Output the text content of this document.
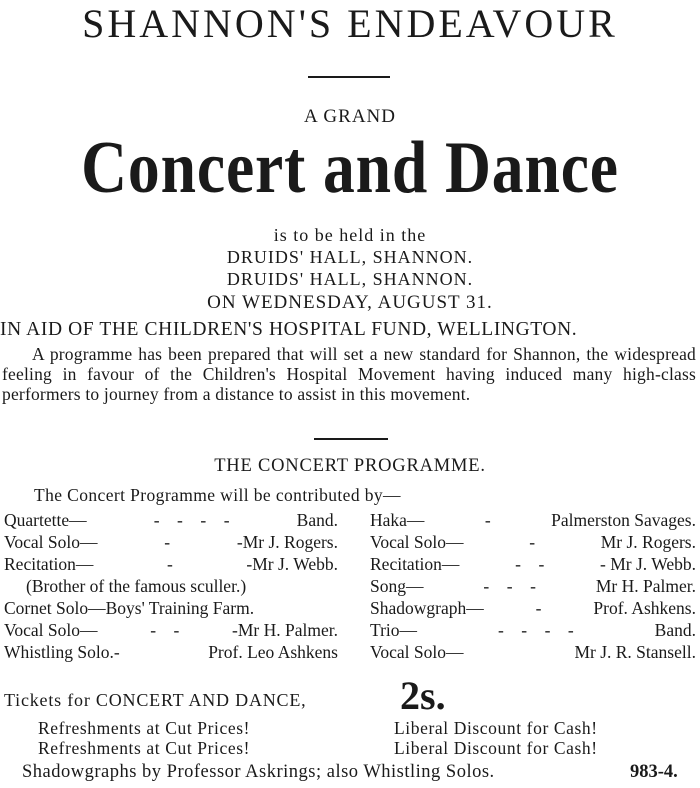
SHANNON'S ENDEAVOUR
A GRAND
Concert and Dance
is to be held in the
DRUIDS' HALL, SHANNON.
DRUIDS' HALL, SHANNON.
ON WEDNESDAY, AUGUST 31.
IN AID OF THE CHILDREN'S HOSPITAL FUND, WELLINGTON.
A programme has been prepared that will set a new standard for Shannon, the widespread feeling in favour of the Children's Hospital Movement having induced many high-class performers to journey from a distance to assist in this movement.
THE CONCERT PROGRAMME.
The Concert Programme will be contributed by—
Quartette—	-    -    -    -	Band.
Vocal Solo—	-	-Mr J. Rogers.
Recitation—	-	-Mr J. Webb.
(Brother of the famous sculler.)
Cornet Solo—Boys' Training Farm.
Vocal Solo—	-    -	-Mr H. Palmer.
Whistling Solo.-	Prof. Leo Ashkens
Haka—	-	Palmerston Savages.
Vocal Solo—	-	Mr J. Rogers.
Recitation—	-    -	- Mr J. Webb.
Song—	-    -    -	Mr H. Palmer.
Shadowgraph—	-	Prof. Ashkens.
Trio—	-    -    -    -	Band.
Vocal Solo—	Mr J. R. Stansell.
Tickets for CONCERT AND DANCE, 2s.
Refreshments at Cut Prices!	Liberal Discount for Cash!
Refreshments at Cut Prices!	Liberal Discount for Cash!
Shadowgraphs by Professor Askrings; also Whistling Solos.	983-4.
